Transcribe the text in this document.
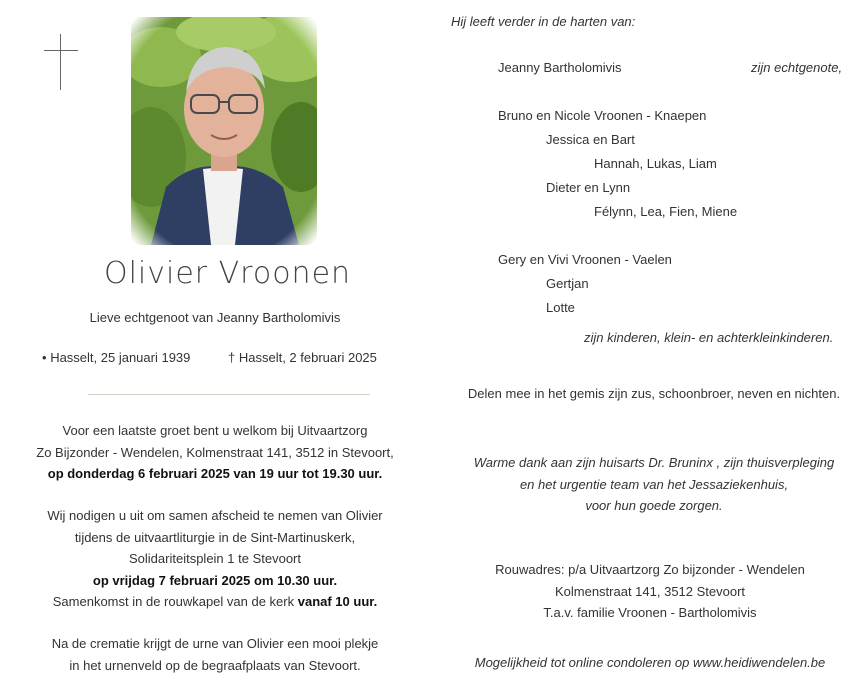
Olivier Vroonen
Lieve echtgenoot van Jeanny Bartholomivis
• Hasselt, 25 januari 1939	† Hasselt, 2 februari 2025
Voor een laatste groet bent u welkom bij Uitvaartzorg
Zo Bijzonder - Wendelen, Kolmenstraat 141, 3512 in Stevoort,
op donderdag 6 februari 2025 van 19 uur tot 19.30 uur.
Wij nodigen u uit om samen afscheid te nemen van Olivier
tijdens de uitvaartliturgie in de Sint-Martinuskerk,
Solidariteitsplein 1 te Stevoort
op vrijdag 7 februari 2025 om 10.30 uur.
Samenkomst in de rouwkapel van de kerk vanaf 10 uur.
Na de crematie krijgt de urne van Olivier een mooi plekje
in het urnenveld op de begraafplaats van Stevoort.
Hij leeft verder in de harten van:
Jeanny Bartholomivis	zijn echtgenote,
Bruno en Nicole Vroonen - Knaepen
Jessica en Bart
Hannah, Lukas, Liam
Dieter en Lynn
Félynn, Lea, Fien, Miene
Gery en Vivi Vroonen - Vaelen
Gertjan
Lotte
zijn kinderen, klein- en achterkleinkinderen.
Delen mee in het gemis zijn zus, schoonbroer, neven en nichten.
Warme dank aan zijn huisarts Dr. Bruninx , zijn thuisverpleging
en het urgentie team van het Jessaziekenhuis,
voor hun goede zorgen.
Rouwadres: p/a Uitvaartzorg Zo bijzonder - Wendelen
Kolmenstraat 141, 3512 Stevoort
T.a.v. familie Vroonen - Bartholomivis
Mogelijkheid tot online condoleren op www.heidiwendelen.be
